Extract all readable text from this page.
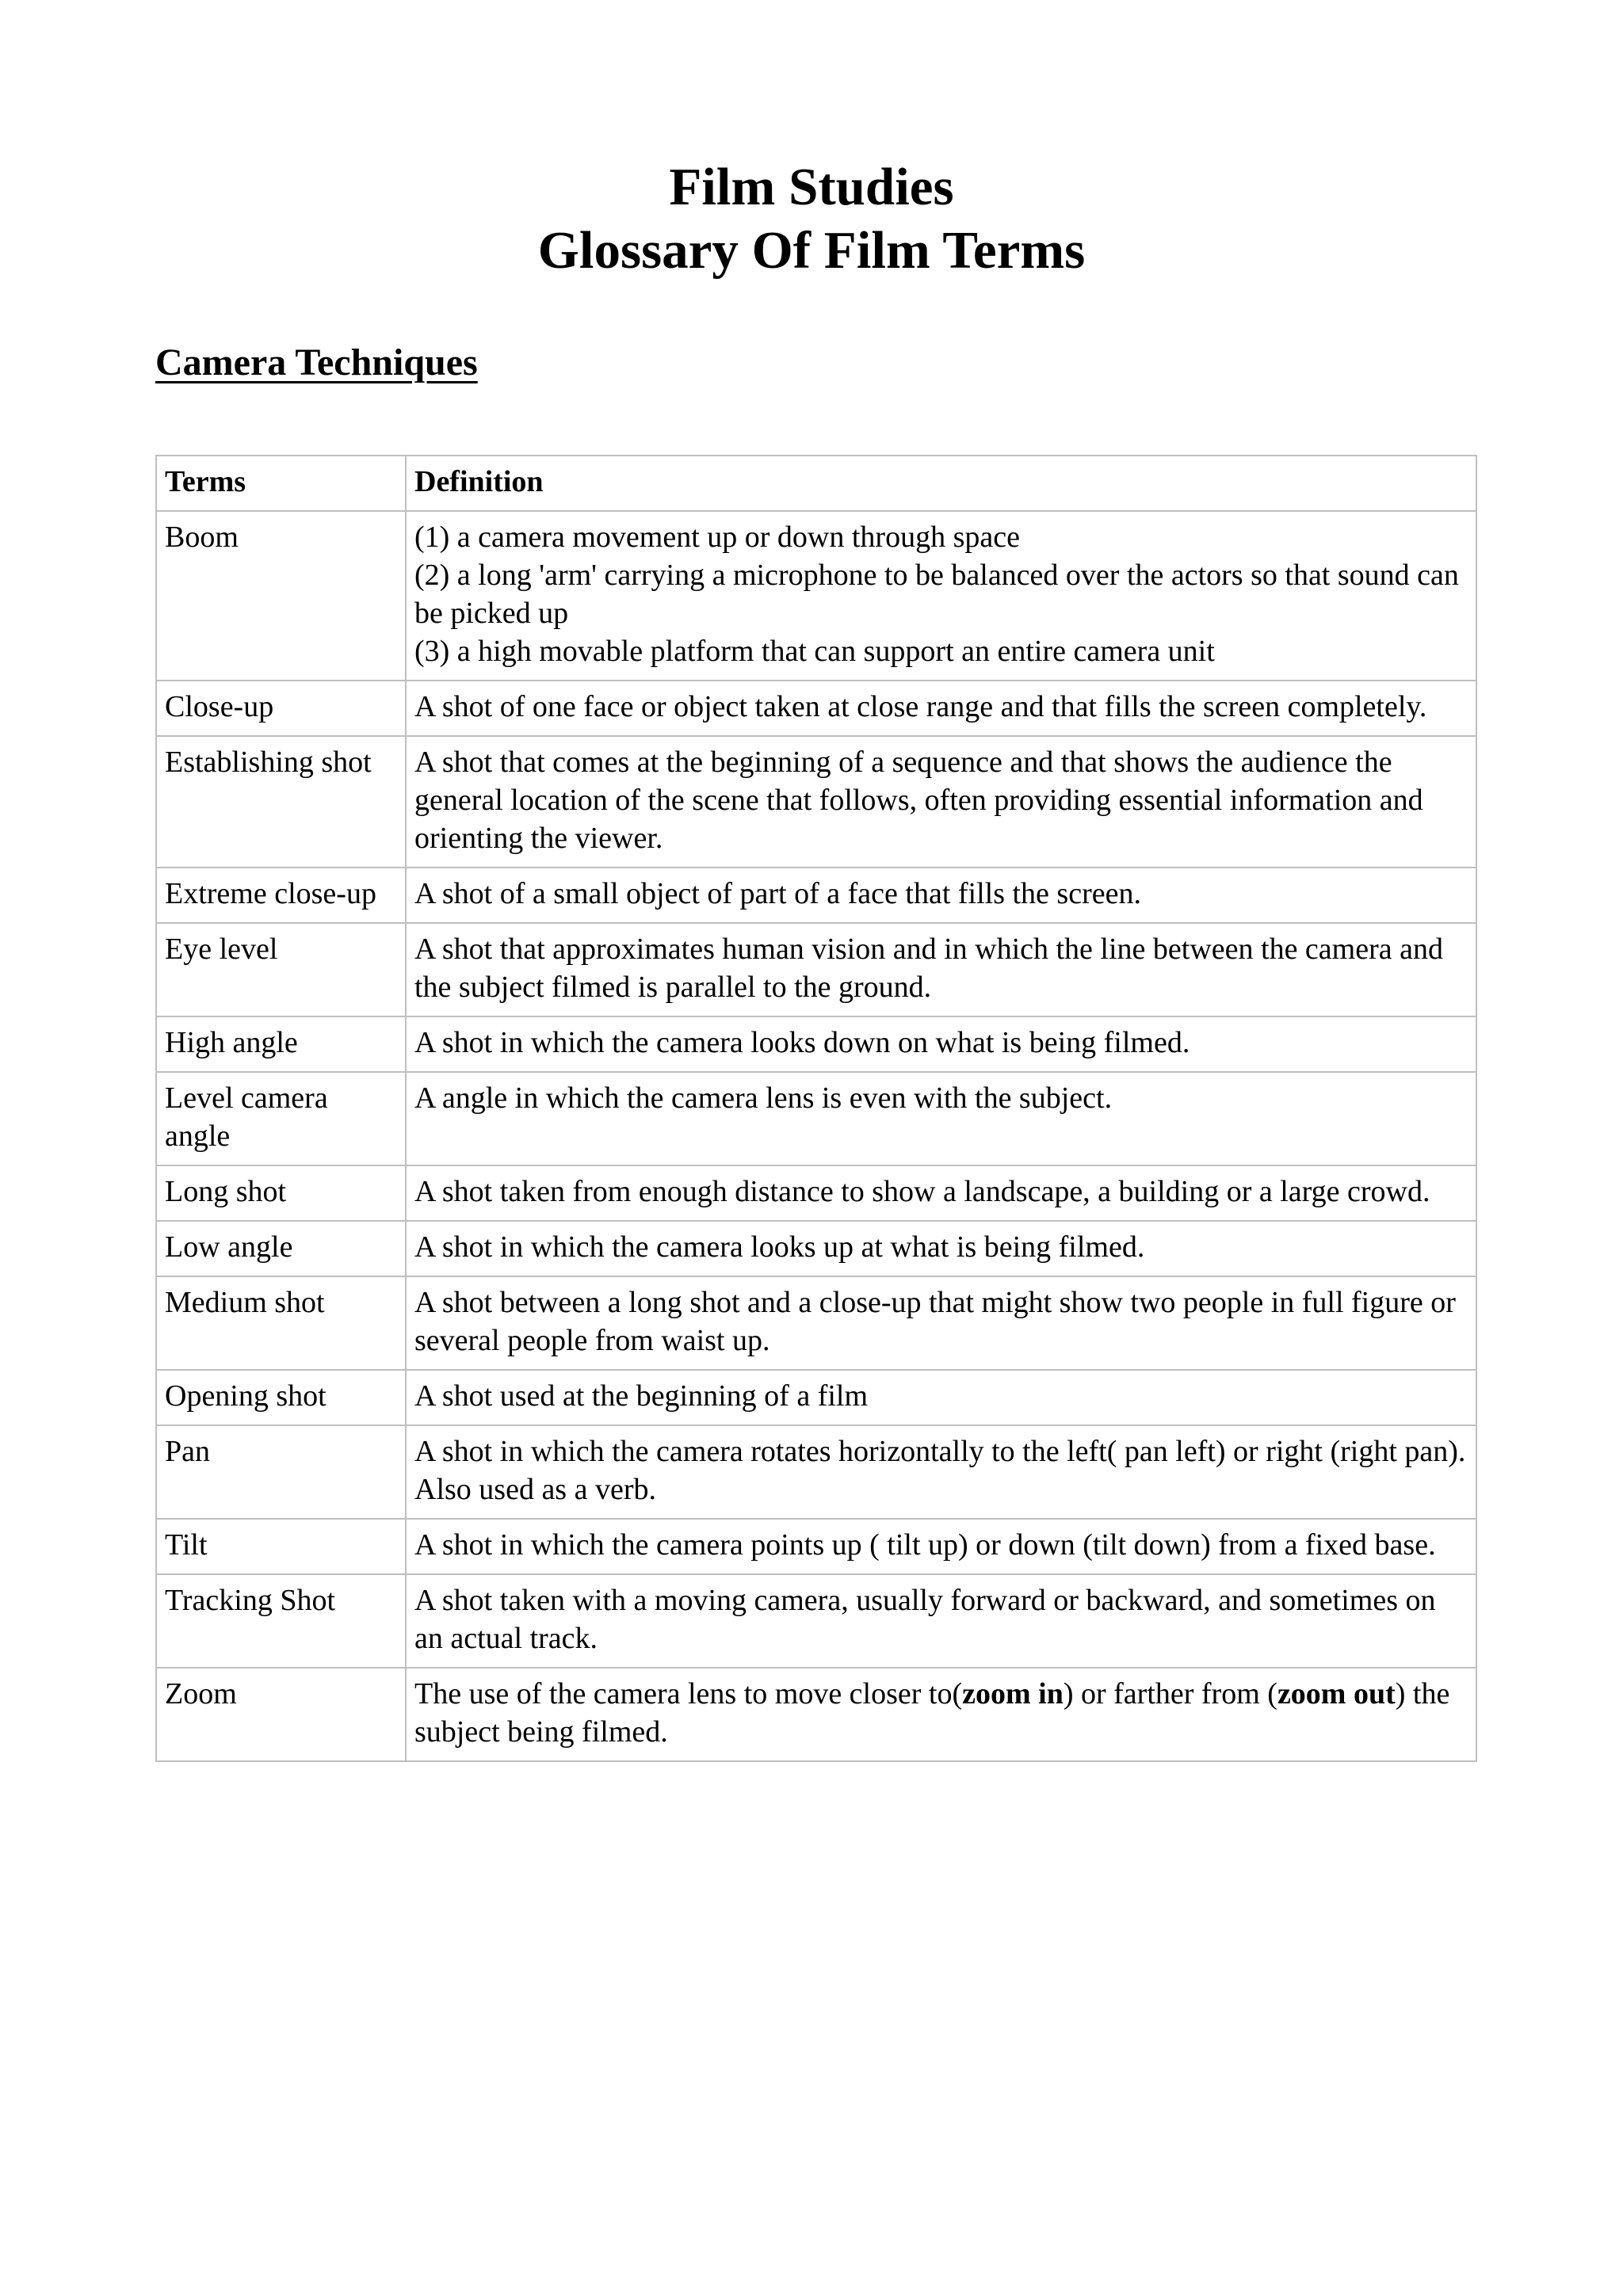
Film Studies
Glossary Of Film Terms
Camera Techniques
Terms	Definition
Boom	(1) a camera movement up or down through space
(2) a long 'arm' carrying a microphone to be balanced over the actors so that sound can be picked up
(3) a high movable platform that can support an entire camera unit

Close-up	A shot of one face or object taken at close range and that fills the screen completely.
Establishing shot	A shot that comes at the beginning of a sequence and that shows the audience the general location of the scene that follows, often providing essential information and orienting the viewer.
Extreme close-up	A shot of a small object of part of a face that fills the screen.
Eye level	A shot that approximates human vision and in which the line between the camera and the subject filmed is parallel to the ground.
High angle	A shot in which the camera looks down on what is being filmed.
Level camera angle	A angle in which the camera lens is even with the subject.
Long shot	A shot taken from enough distance to show a landscape, a building or a large crowd.
Low angle	A shot in which the camera looks up at what is being filmed.
Medium shot	A shot between a long shot and a close-up that might show two people in full figure or several people from waist up.
Opening shot	A shot used at the beginning of a film
Pan	A shot in which the camera rotates horizontally to the left( pan left) or right (right pan). Also used as a verb.
Tilt	A shot in which the camera points up ( tilt up) or down (tilt down) from a fixed base.
Tracking Shot	A shot taken with a moving camera, usually forward or backward, and sometimes on an actual track.
Zoom	The use of the camera lens to move closer to(zoom in) or farther from (zoom out) the subject being filmed.
